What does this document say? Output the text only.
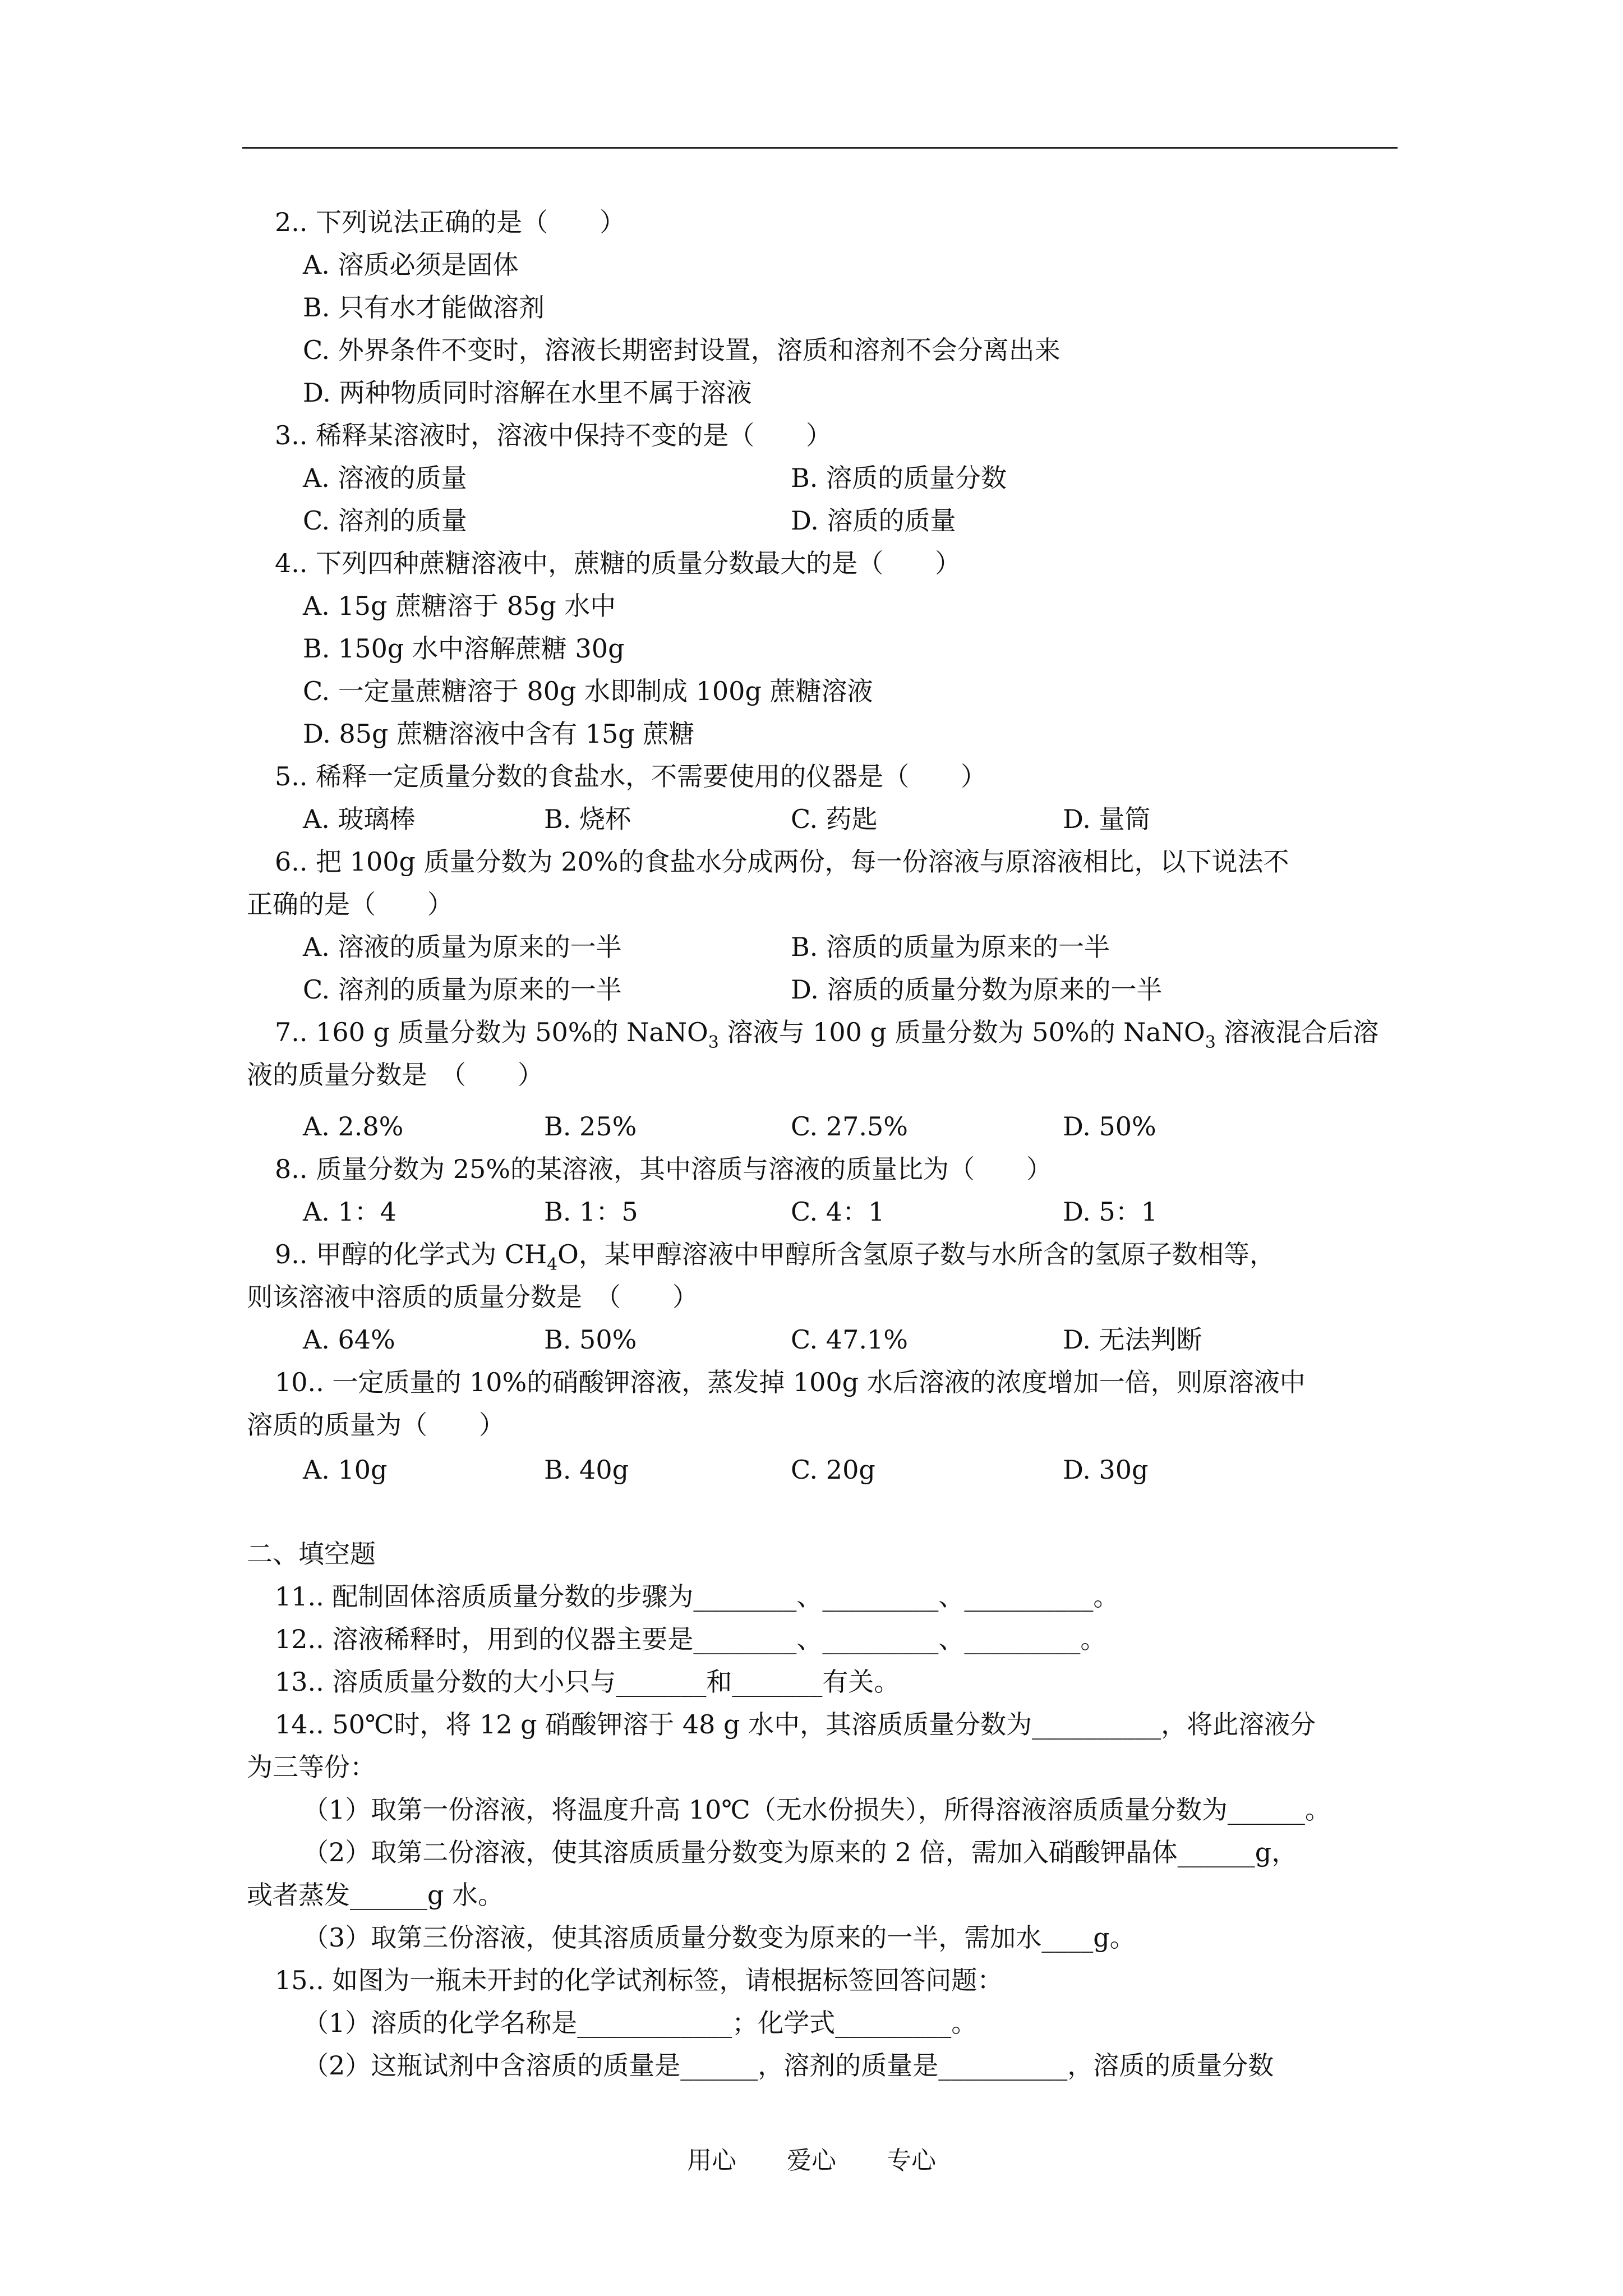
2.. 下列说法正确的是（　　）
A. 溶质必须是固体
B. 只有水才能做溶剂
C. 外界条件不变时，溶液长期密封设置，溶质和溶剂不会分离出来
D. 两种物质同时溶解在水里不属于溶液
3.. 稀释某溶液时，溶液中保持不变的是（　　）
A. 溶液的质量	B. 溶质的质量分数
C. 溶剂的质量	D. 溶质的质量
4.. 下列四种蔗糖溶液中，蔗糖的质量分数最大的是（　　）
A. 15g 蔗糖溶于 85g 水中
B. 150g 水中溶解蔗糖 30g
C. 一定量蔗糖溶于 80g 水即制成 100g 蔗糖溶液
D. 85g 蔗糖溶液中含有 15g 蔗糖
5.. 稀释一定质量分数的食盐水，不需要使用的仪器是（　　）
A. 玻璃棒	B. 烧杯	C. 药匙	D. 量筒
6.. 把 100g 质量分数为 20%的食盐水分成两份，每一份溶液与原溶液相比，以下说法不
正确的是（　　）
A. 溶液的质量为原来的一半	B. 溶质的质量为原来的一半
C. 溶剂的质量为原来的一半	D. 溶质的质量分数为原来的一半
7.. 160 g 质量分数为 50%的 NaNO$_3$ 溶液与 100 g 质量分数为 50%的 NaNO$_3$ 溶液混合后溶
液的质量分数是　（　　）
A. 2.8%	B. 25%	C. 27.5%	D. 50%
8.. 质量分数为 25%的某溶液，其中溶质与溶液的质量比为（　　）
A. 1：4	B. 1：5	C. 4：1	D. 5：1
9.. 甲醇的化学式为 $CH_4O$，某甲醇溶液中甲醇所含氢原子数与水所含的氢原子数相等，
则该溶液中溶质的质量分数是　（　　）
A. 64%	B. 50%	C. 47.1%	D. 无法判断
10.. 一定质量的 10%的硝酸钾溶液，蒸发掉 100g 水后溶液的浓度增加一倍，则原溶液中
溶质的质量为（　　）
A. 10g	B. 40g	C. 20g	D. 30g
二、填空题
11.. 配制固体溶质质量分数的步骤为________、_________、__________。
12.. 溶液稀释时，用到的仪器主要是________、_________、_________。
13.. 溶质质量分数的大小只与_______和_______有关。
14.. 50℃时，将 12 g 硝酸钾溶于 48 g 水中，其溶质质量分数为__________，将此溶液分
为三等份：
（1）取第一份溶液，将温度升高 10℃（无水份损失），所得溶液溶质质量分数为______。
（2）取第二份溶液，使其溶质质量分数变为原来的 2 倍，需加入硝酸钾晶体______g，
或者蒸发______g 水。
（3）取第三份溶液，使其溶质质量分数变为原来的一半，需加水____g。
15.. 如图为一瓶未开封的化学试剂标签，请根据标签回答问题：
（1）溶质的化学名称是____________；化学式_________。
（2）这瓶试剂中含溶质的质量是______，溶剂的质量是__________，溶质的质量分数
用心 爱心 专心
